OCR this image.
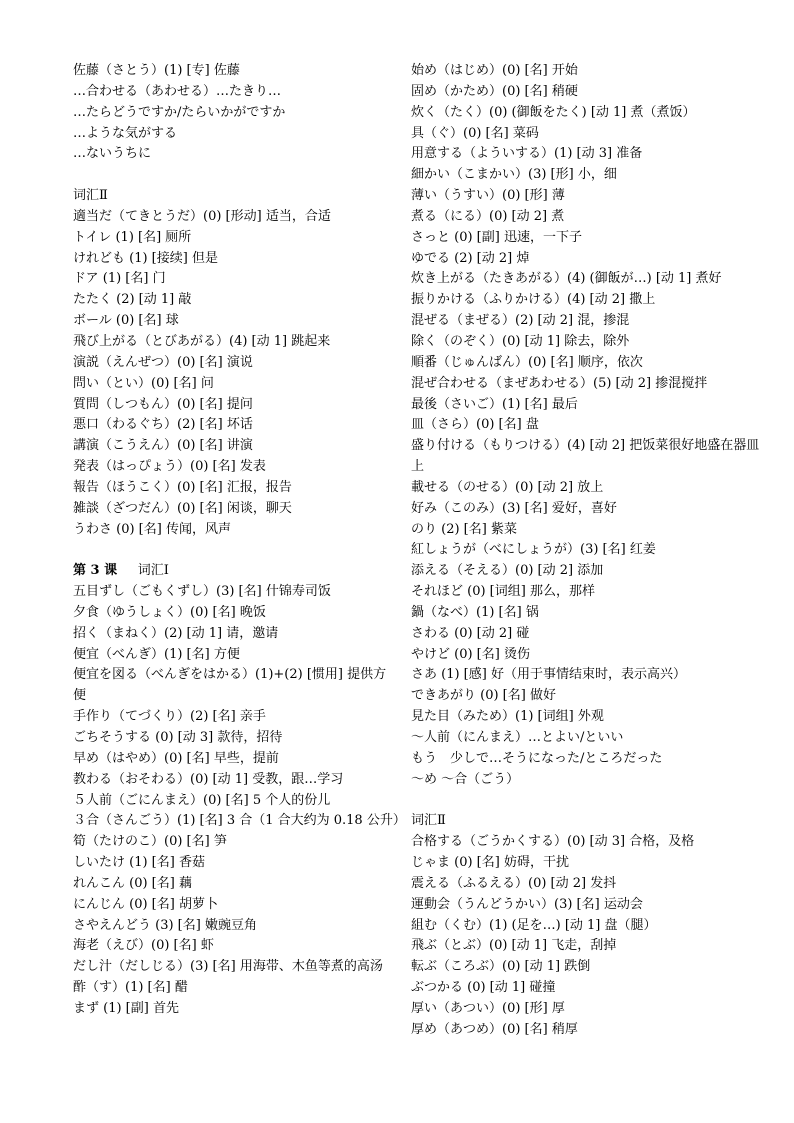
佐藤（さとう）(1) [专] 佐藤
…合わせる（あわせる）…たきり…
…たらどうですか/たらいかがですか
…ような気がする
…ないうちに
词汇Ⅱ
適当だ（てきとうだ）(0) [形动] 适当，合适
トイレ (1) [名] 厕所
けれども (1) [接续] 但是
ドア (1) [名] 门
たたく (2) [动 1] 敲
ボール (0) [名] 球
飛び上がる（とびあがる）(4) [动 1] 跳起来
演説（えんぜつ）(0) [名] 演说
問い（とい）(0) [名] 问
質問（しつもん）(0) [名] 提问
悪口（わるぐち）(2) [名] 坏话
講演（こうえん）(0) [名] 讲演
発表（はっぴょう）(0) [名] 发表
報告（ほうこく）(0) [名] 汇报，报告
雑談（ざつだん）(0) [名] 闲谈，聊天
うわさ (0) [名] 传闻，风声
第 3 课 词汇Ⅰ
五目ずし（ごもくずし）(3) [名] 什锦寿司饭
夕食（ゆうしょく）(0) [名] 晚饭
招く（まねく）(2) [动 1] 请，邀请
便宜（べんぎ）(1) [名] 方便
便宜を図る（べんぎをはかる）(1)+(2) [惯用] 提供方便
手作り（てづくり）(2) [名] 亲手
ごちそうする (0) [动 3] 款待，招待
早め（はやめ）(0) [名] 早些，提前
教わる（おそわる）(0) [动 1] 受教，跟…学习
５人前（ごにんまえ）(0) [名] 5 个人的份儿
３合（さんごう）(1) [名] 3 合（1 合大约为 0.18 公升）
筍（たけのこ）(0) [名] 笋
しいたけ (1) [名] 香菇
れんこん (0) [名] 藕
にんじん (0) [名] 胡萝卜
さやえんどう (3) [名] 嫩豌豆角
海老（えび）(0) [名] 虾
だし汁（だしじる）(3) [名] 用海带、木鱼等煮的高汤
酢（す）(1) [名] 醋
まず (1) [副] 首先
始め（はじめ）(0) [名] 开始
固め（かため）(0) [名] 稍硬
炊く（たく）(0) (御飯をたく) [动 1] 煮（煮饭）
具（ぐ）(0) [名] 菜码
用意する（よういする）(1) [动 3] 准备
細かい（こまかい）(3) [形] 小，细
薄い（うすい）(0) [形] 薄
煮る（にる）(0) [动 2] 煮
さっと (0) [副] 迅速，一下子
ゆでる (2) [动 2] 焯
炊き上がる（たきあがる）(4) (御飯が…) [动 1] 煮好
振りかける（ふりかける）(4) [动 2] 撒上
混ぜる（まぜる）(2) [动 2] 混，掺混
除く（のぞく）(0) [动 1] 除去，除外
順番（じゅんばん）(0) [名] 顺序，依次
混ぜ合わせる（まぜあわせる）(5) [动 2] 掺混搅拌
最後（さいご）(1) [名] 最后
皿（さら）(0) [名] 盘
盛り付ける（もりつける）(4) [动 2] 把饭菜很好地盛在器皿上
載せる（のせる）(0) [动 2] 放上
好み（このみ）(3) [名] 爱好，喜好
のり (2) [名] 紫菜
紅しょうが（べにしょうが）(3) [名] 红姜
添える（そえる）(0) [动 2] 添加
それほど (0) [词组] 那么，那样
鍋（なべ）(1) [名] 锅
さわる (0) [动 2] 碰
やけど (0) [名] 烫伤
さあ (1) [感] 好（用于事情结束时，表示高兴）
できあがり (0) [名] 做好
見た目（みため）(1) [词组] 外观
～人前（にんまえ）…とよい/といい
もう　少しで…そうになった/ところだった
～め ～合（ごう）
词汇Ⅱ
合格する（ごうかくする）(0) [动 3] 合格，及格
じゃま (0) [名] 妨碍，干扰
震える（ふるえる）(0) [动 2] 发抖
運動会（うんどうかい）(3) [名] 运动会
組む（くむ）(1) (足を…) [动 1] 盘（腿）
飛ぶ（とぶ）(0) [动 1] 飞走，刮掉
転ぶ（ころぶ）(0) [动 1] 跌倒
ぶつかる (0) [动 1] 碰撞
厚い（あつい）(0) [形] 厚
厚め（あつめ）(0) [名] 稍厚
